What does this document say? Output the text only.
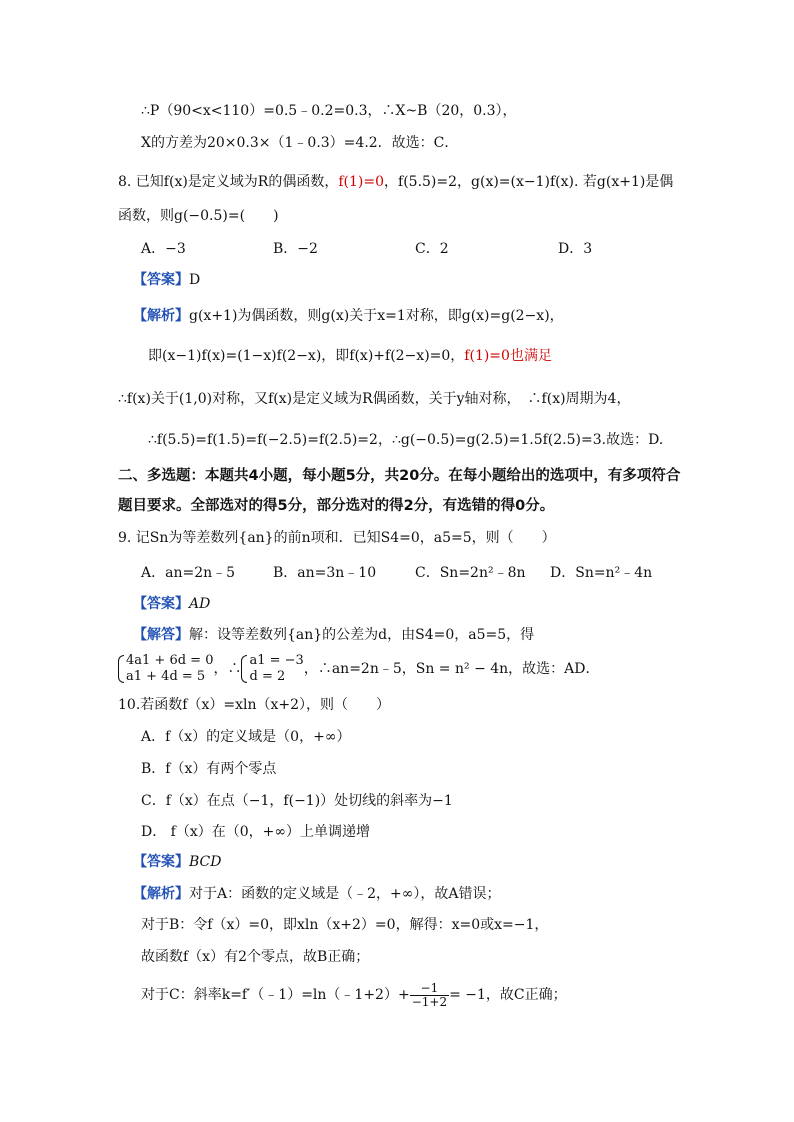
∴P（90<x<110）=0.5﹣0.2=0.3，∴X~B（20，0.3），
X的方差为20×0.3×（1﹣0.3）=4.2．故选：C．
8. 已知f(x)是定义域为R的偶函数，f(1)=0，f(5.5)=2，g(x)=(x−1)f(x). 若g(x+1)是偶
函数，则g(−0.5)=(　　)
A．−3	B．−2	C．2	D．3
【答案】D
【解析】g(x+1)为偶函数，则g(x)关于x=1对称，即g(x)=g(2−x)，
即(x−1)f(x)=(1−x)f(2−x)，即f(x)+f(2−x)=0，f(1)=0也满足
∴f(x)关于(1,0)对称，又f(x)是定义域为R偶函数，关于y轴对称，　∴f(x)周期为4，
∴f(5.5)=f(1.5)=f(−2.5)=f(2.5)=2，∴g(−0.5)=g(2.5)=1.5f(2.5)=3.故选：D.
二、多选题：本题共4小题，每小题5分，共20分。在每小题给出的选项中，有多项符合
题目要求。全部选对的得5分，部分选对的得2分，有选错的得0分。
9. 记Sn为等差数列{an}的前n项和．已知S4=0，a5=5，则（　　）
A．an=2n﹣5	B．an=3n﹣10	C．Sn=2n²﹣8n D．Sn=n²﹣4n
【答案】AD
【解答】解：设等差数列{an}的公差为d，由S4=0，a5=5，得
4a1 + 6d = 0
a1 + 4d = 5 ，∴
a1 = −3
d = 2	，∴an=2n﹣5，Sn = n² − 4n，故选：AD．
10.若函数f（x）=xln（x+2），则（　　）
A．f（x）的定义域是（0，+∞）
B．f（x）有两个零点
C．f（x）在点（−1，f(−1)）处切线的斜率为−1
D． f（x）在（0，+∞）上单调递增
【答案】BCD
【解析】对于A：函数的定义域是（﹣2，+∞），故A错误；
对于B：令f（x）=0，即xln（x+2）=0，解得：x=0或x=−1，
故函数f（x）有2个零点，故B正确；
对于C：斜率k=f′（﹣1）=ln（﹣1+2）+ $\frac{-1}{-1+2} = -1$，故C正确；
